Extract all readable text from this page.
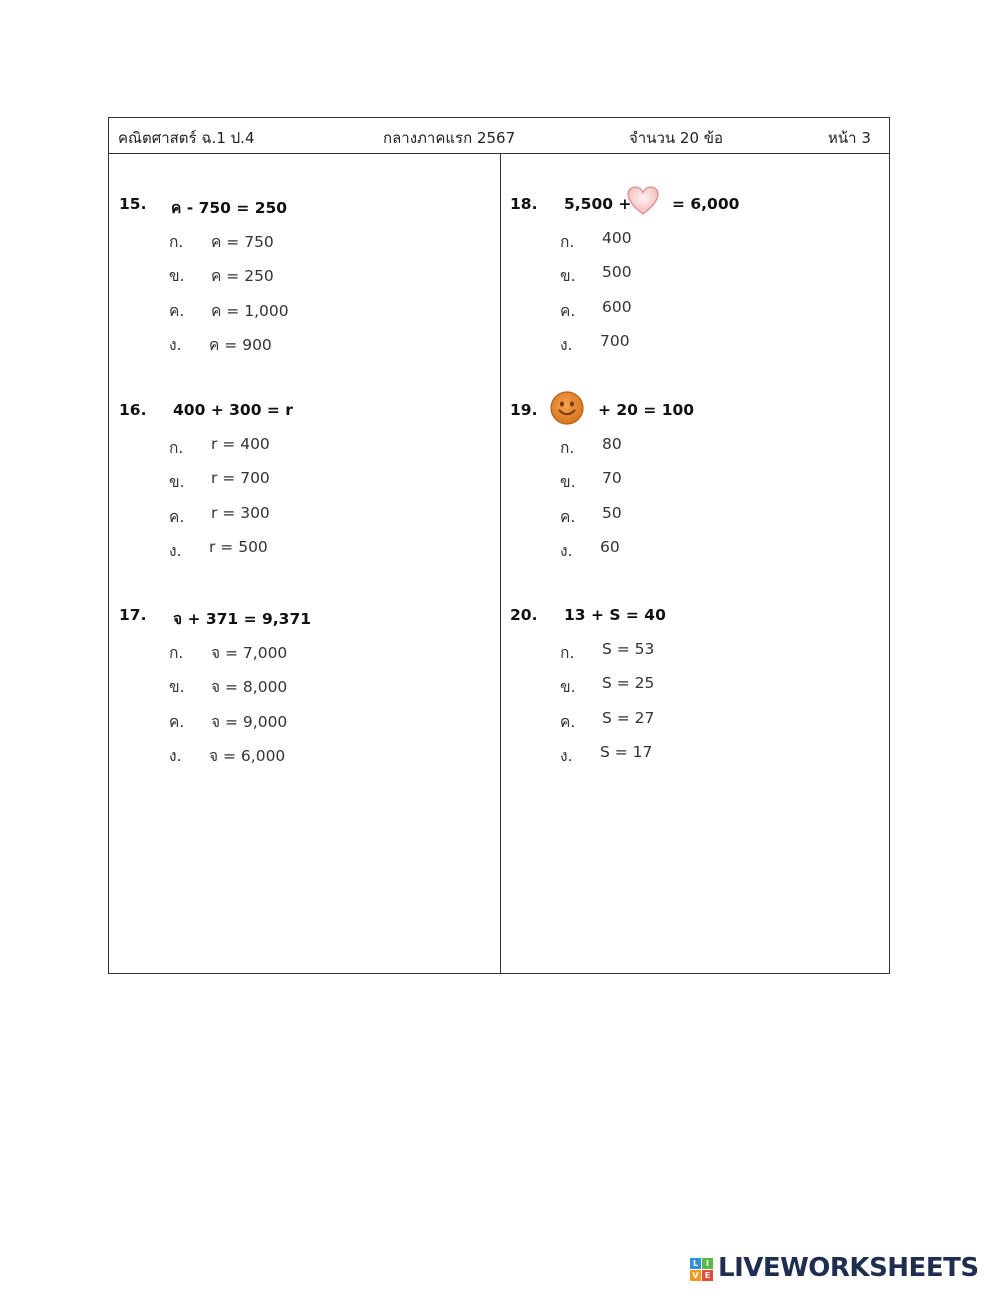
คณิตศาสตร์ ฉ.1 ป.4	กลางภาคแรก 2567	จำนวน 20 ข้อ	หน้า 3
15. ค - 750 = 250
ก. ค = 750
ข. ค = 250
ค. ค = 1,000
ง. ค = 900
16. 400 + 300 = r
ก. r = 400
ข. r = 700
ค. r = 300
ง. r = 500
17. จ + 371 = 9,371
ก. จ = 7,000
ข. จ = 8,000
ค. จ = 9,000
ง. จ = 6,000
18. 5,500 +	= 6,000
ก. 400
ข. 500
ค. 600
ง. 700
19.	+ 20 = 100
ก. 80
ข. 70
ค. 50
ง. 60
20. 13 + S = 40
ก. S = 53
ข. S = 25
ค. S = 27
ง. S = 17
L I
V E LIVEWORKSHEETS
